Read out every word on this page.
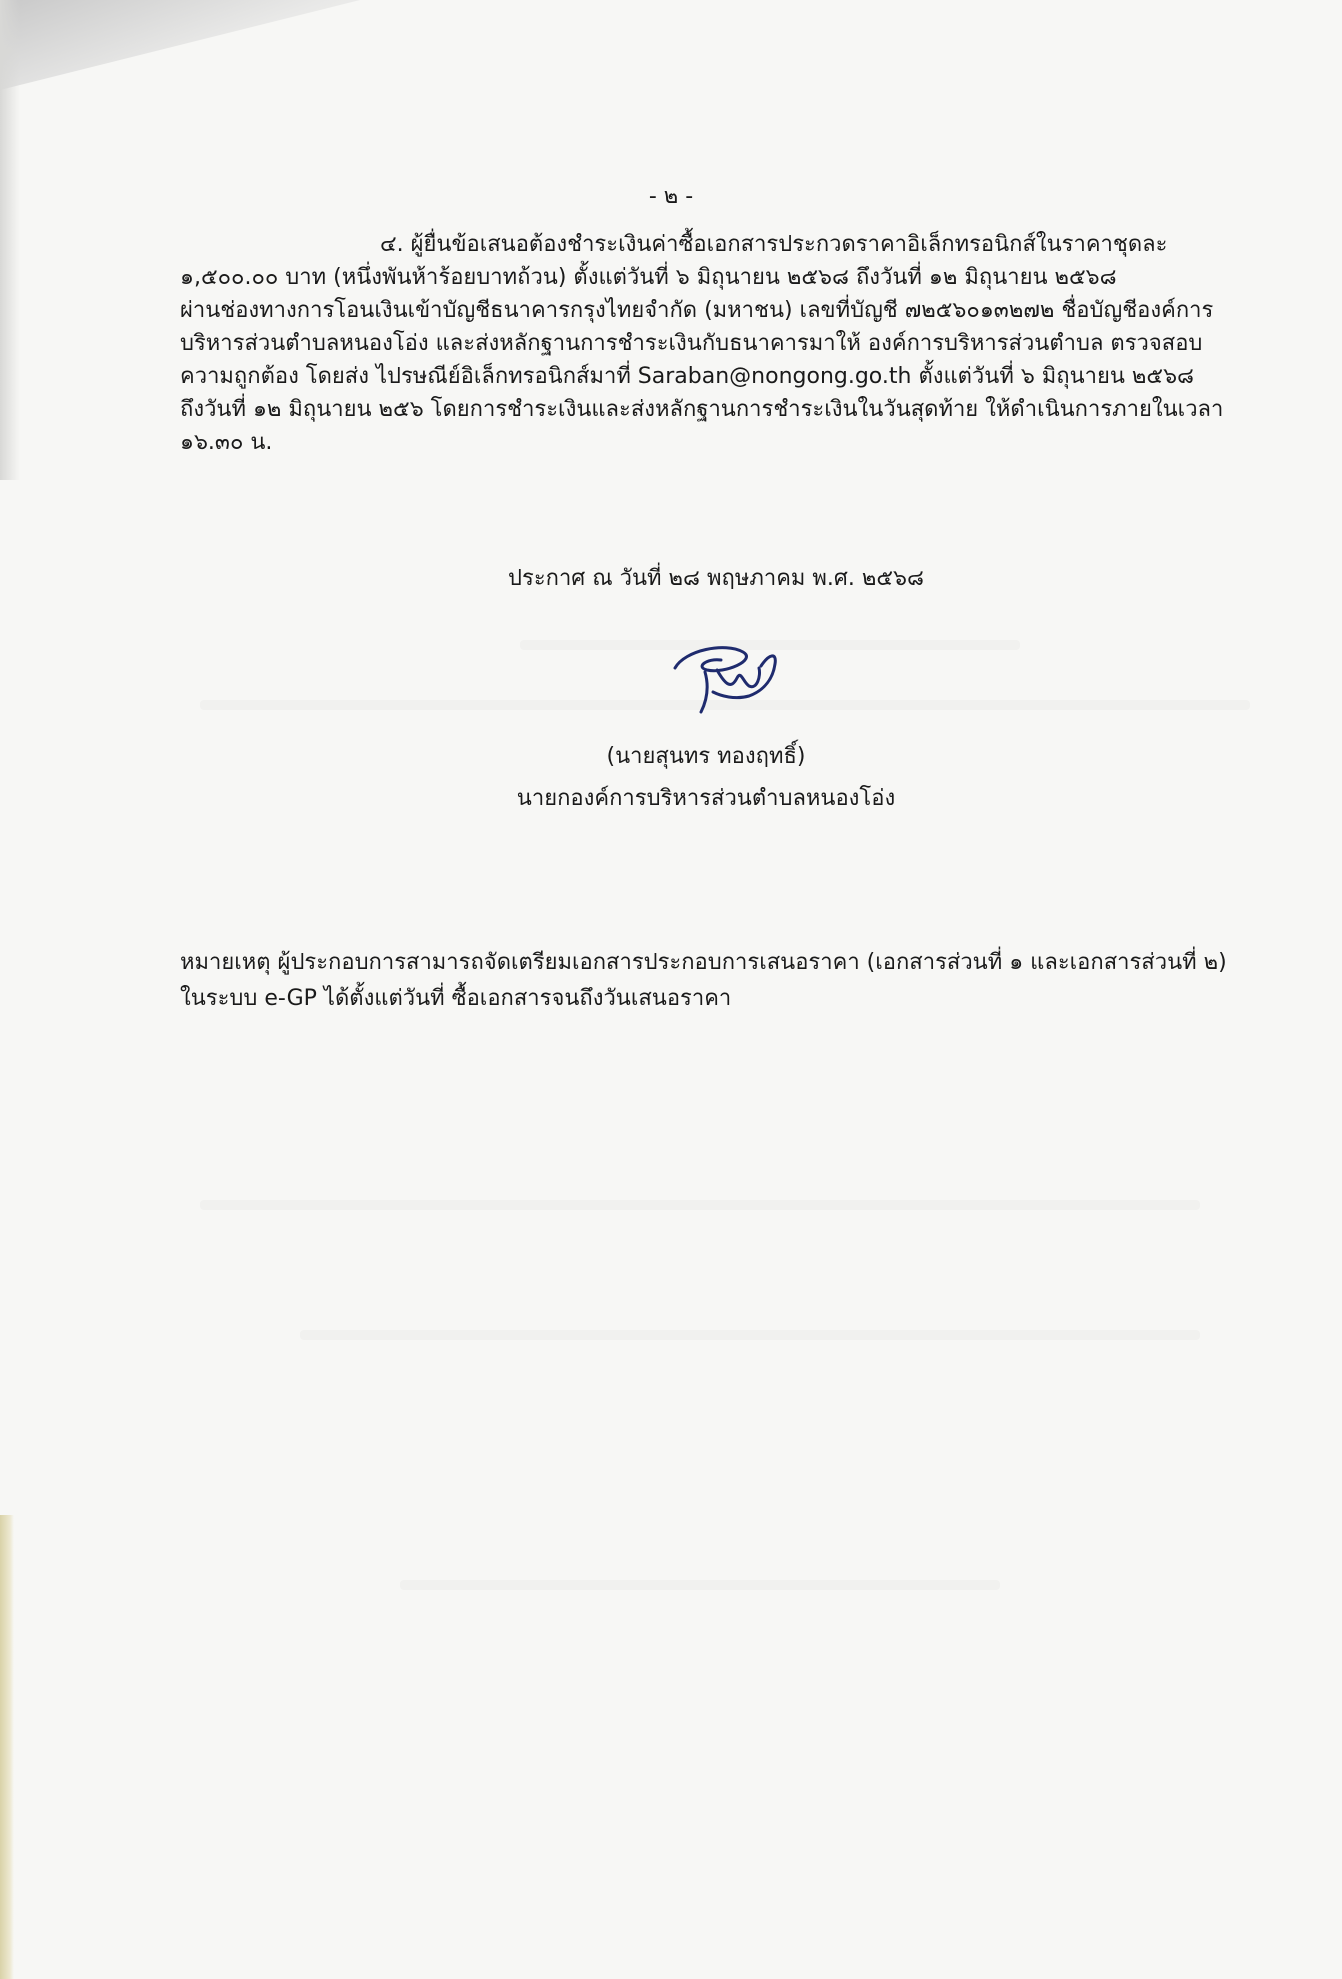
- ๒ -
๔. ผู้ยื่นข้อเสนอต้องชำระเงินค่าซื้อเอกสารประกวดราคาอิเล็กทรอนิกส์ในราคาชุดละ
๑,๕๐๐.๐๐ บาท (หนึ่งพันห้าร้อยบาทถ้วน) ตั้งแต่วันที่ ๖ มิถุนายน ๒๕๖๘ ถึงวันที่ ๑๒ มิถุนายน ๒๕๖๘
ผ่านช่องทางการโอนเงินเข้าบัญชีธนาคารกรุงไทยจำกัด (มหาชน) เลขที่บัญชี ๗๒๕๖๐๑๓๒๗๒ ชื่อบัญชีองค์การ
บริหารส่วนตำบลหนองโอ่ง และส่งหลักฐานการชำระเงินกับธนาคารมาให้ องค์การบริหารส่วนตำบล ตรวจสอบ
ความถูกต้อง โดยส่ง ไปรษณีย์อิเล็กทรอนิกส์มาที่ Saraban@nongong.go.th ตั้งแต่วันที่ ๖ มิถุนายน ๒๕๖๘
ถึงวันที่ ๑๒ มิถุนายน ๒๕๖ โดยการชำระเงินและส่งหลักฐานการชำระเงินในวันสุดท้าย ให้ดำเนินการภายในเวลา
๑๖.๓๐ น.
ประกาศ ณ วันที่ ๒๘ พฤษภาคม พ.ศ. ๒๕๖๘
(นายสุนทร ทองฤทธิ์)
นายกองค์การบริหารส่วนตำบลหนองโอ่ง
หมายเหตุ ผู้ประกอบการสามารถจัดเตรียมเอกสารประกอบการเสนอราคา (เอกสารส่วนที่ ๑ และเอกสารส่วนที่ ๒)
ในระบบ e-GP ได้ตั้งแต่วันที่ ซื้อเอกสารจนถึงวันเสนอราคา
